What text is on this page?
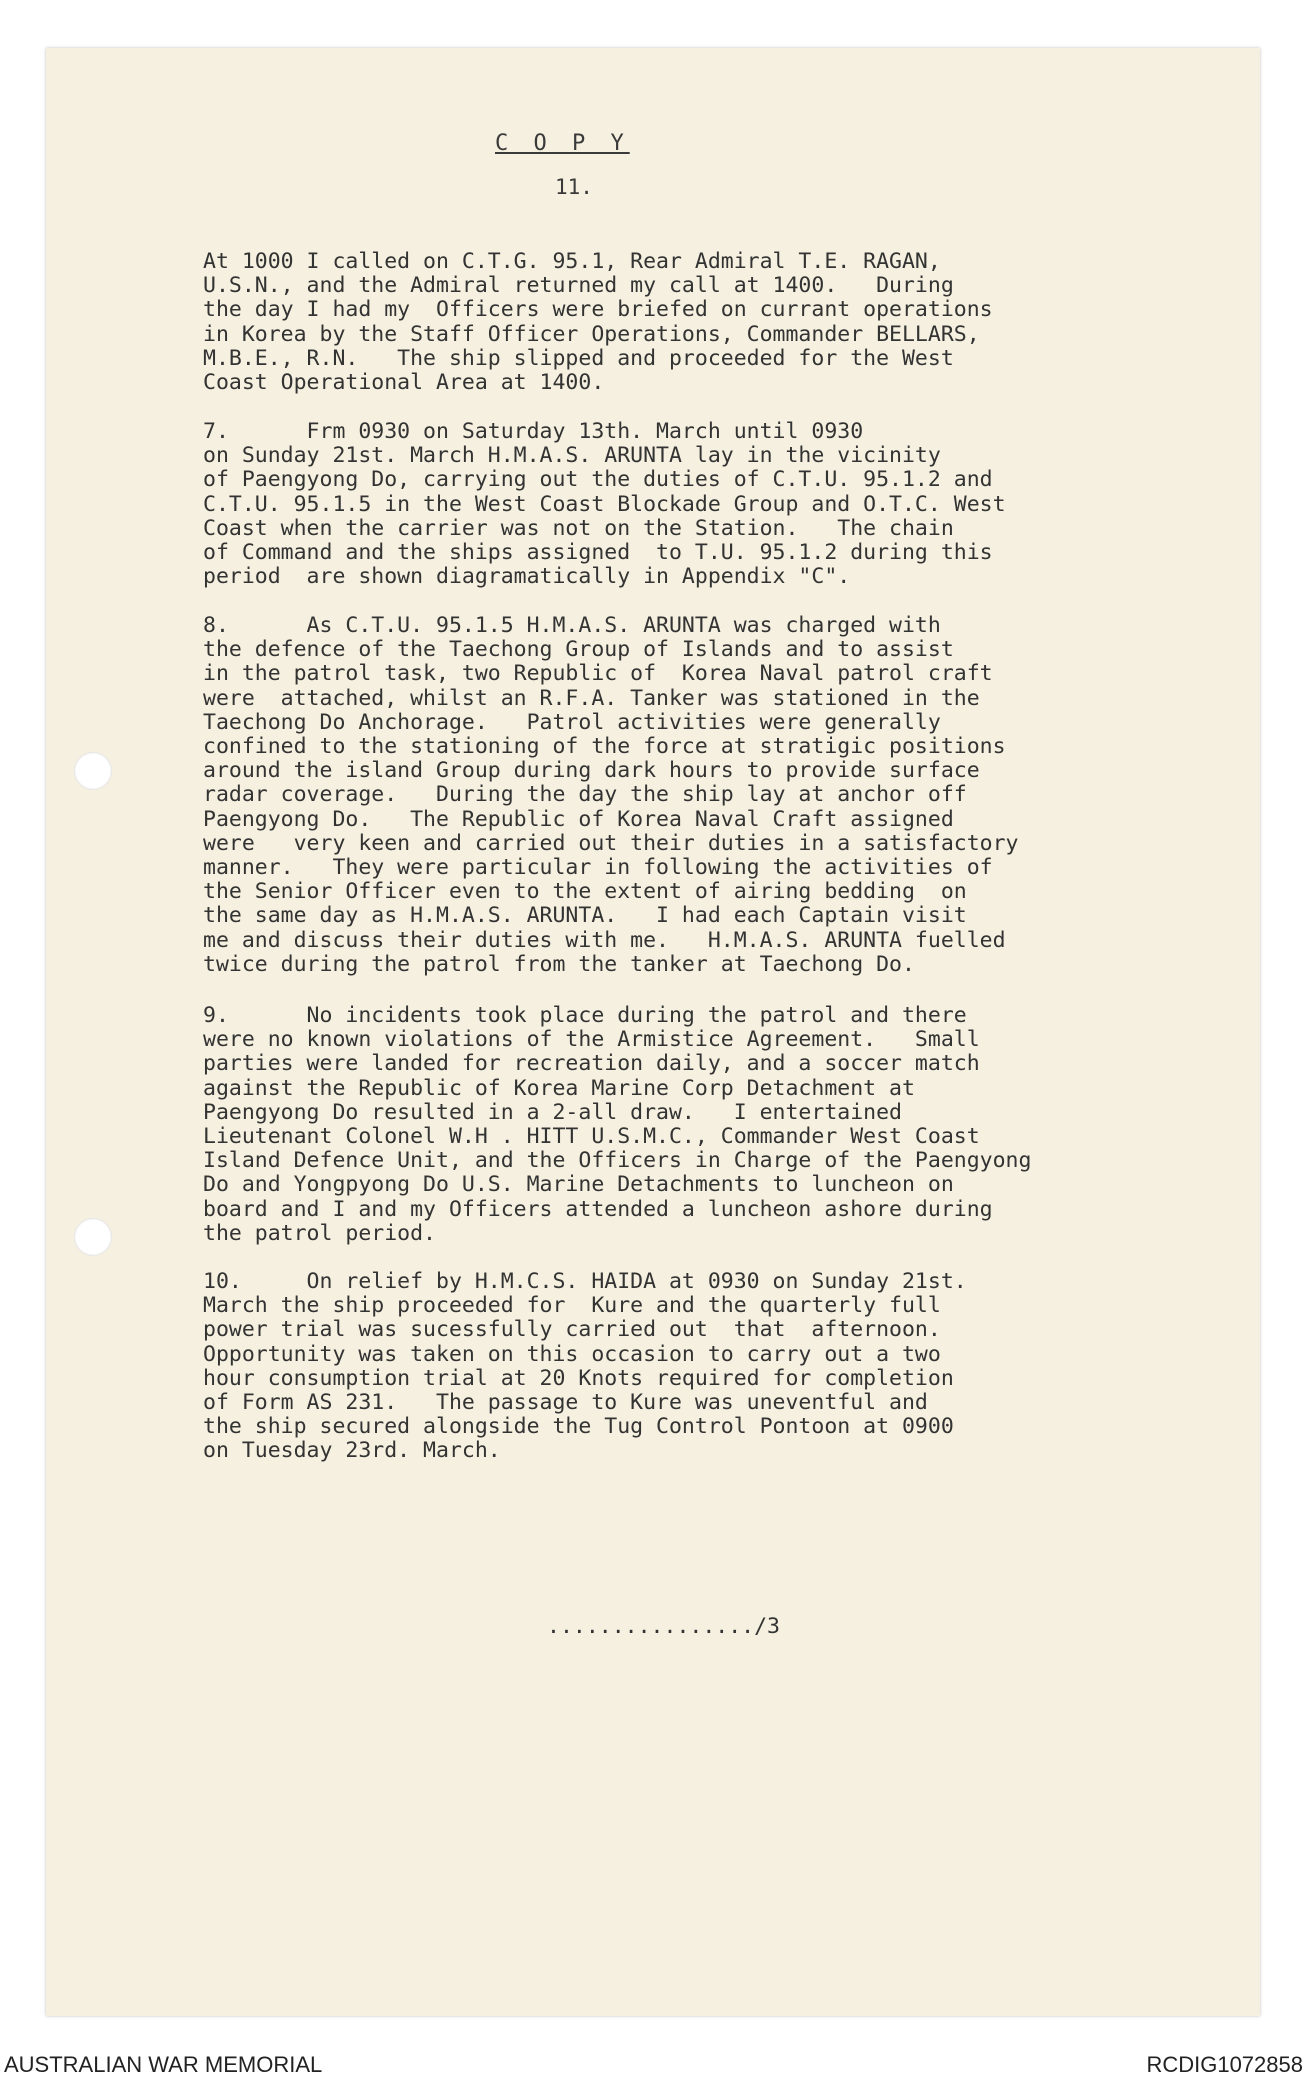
C O P Y
11.
At 1000 I called on C.T.G. 95.1, Rear Admiral T.E. RAGAN,
U.S.N., and the Admiral returned my call at 1400.   During
the day I had my  Officers were briefed on currant operations
in Korea by the Staff Officer Operations, Commander BELLARS,
M.B.E., R.N.   The ship slipped and proceeded for the West
Coast Operational Area at 1400.
7.      Frm 0930 on Saturday 13th. March until 0930
on Sunday 21st. March H.M.A.S. ARUNTA lay in the vicinity
of Paengyong Do, carrying out the duties of C.T.U. 95.1.2 and
C.T.U. 95.1.5 in the West Coast Blockade Group and O.T.C. West
Coast when the carrier was not on the Station.   The chain
of Command and the ships assigned  to T.U. 95.1.2 during this
period  are shown diagramatically in Appendix "C".
8.      As C.T.U. 95.1.5 H.M.A.S. ARUNTA was charged with
the defence of the Taechong Group of Islands and to assist
in the patrol task, two Republic of  Korea Naval patrol craft
were  attached, whilst an R.F.A. Tanker was stationed in the
Taechong Do Anchorage.   Patrol activities were generally
confined to the stationing of the force at stratigic positions
around the island Group during dark hours to provide surface
radar coverage.   During the day the ship lay at anchor off
Paengyong Do.   The Republic of Korea Naval Craft assigned
were   very keen and carried out their duties in a satisfactory
manner.   They were particular in following the activities of
the Senior Officer even to the extent of airing bedding  on
the same day as H.M.A.S. ARUNTA.   I had each Captain visit
me and discuss their duties with me.   H.M.A.S. ARUNTA fuelled
twice during the patrol from the tanker at Taechong Do.
9.      No incidents took place during the patrol and there
were no known violations of the Armistice Agreement.   Small
parties were landed for recreation daily, and a soccer match
against the Republic of Korea Marine Corp Detachment at
Paengyong Do resulted in a 2-all draw.   I entertained
Lieutenant Colonel W.H . HITT U.S.M.C., Commander West Coast
Island Defence Unit, and the Officers in Charge of the Paengyong
Do and Yongpyong Do U.S. Marine Detachments to luncheon on
board and I and my Officers attended a luncheon ashore during
the patrol period.
10.     On relief by H.M.C.S. HAIDA at 0930 on Sunday 21st.
March the ship proceeded for  Kure and the quarterly full
power trial was sucessfully carried out  that  afternoon.
Opportunity was taken on this occasion to carry out a two
hour consumption trial at 20 Knots required for completion
of Form AS 231.   The passage to Kure was uneventful and
the ship secured alongside the Tug Control Pontoon at 0900
on Tuesday 23rd. March.
................/3
AUSTRALIAN WAR MEMORIAL	RCDIG1072858
